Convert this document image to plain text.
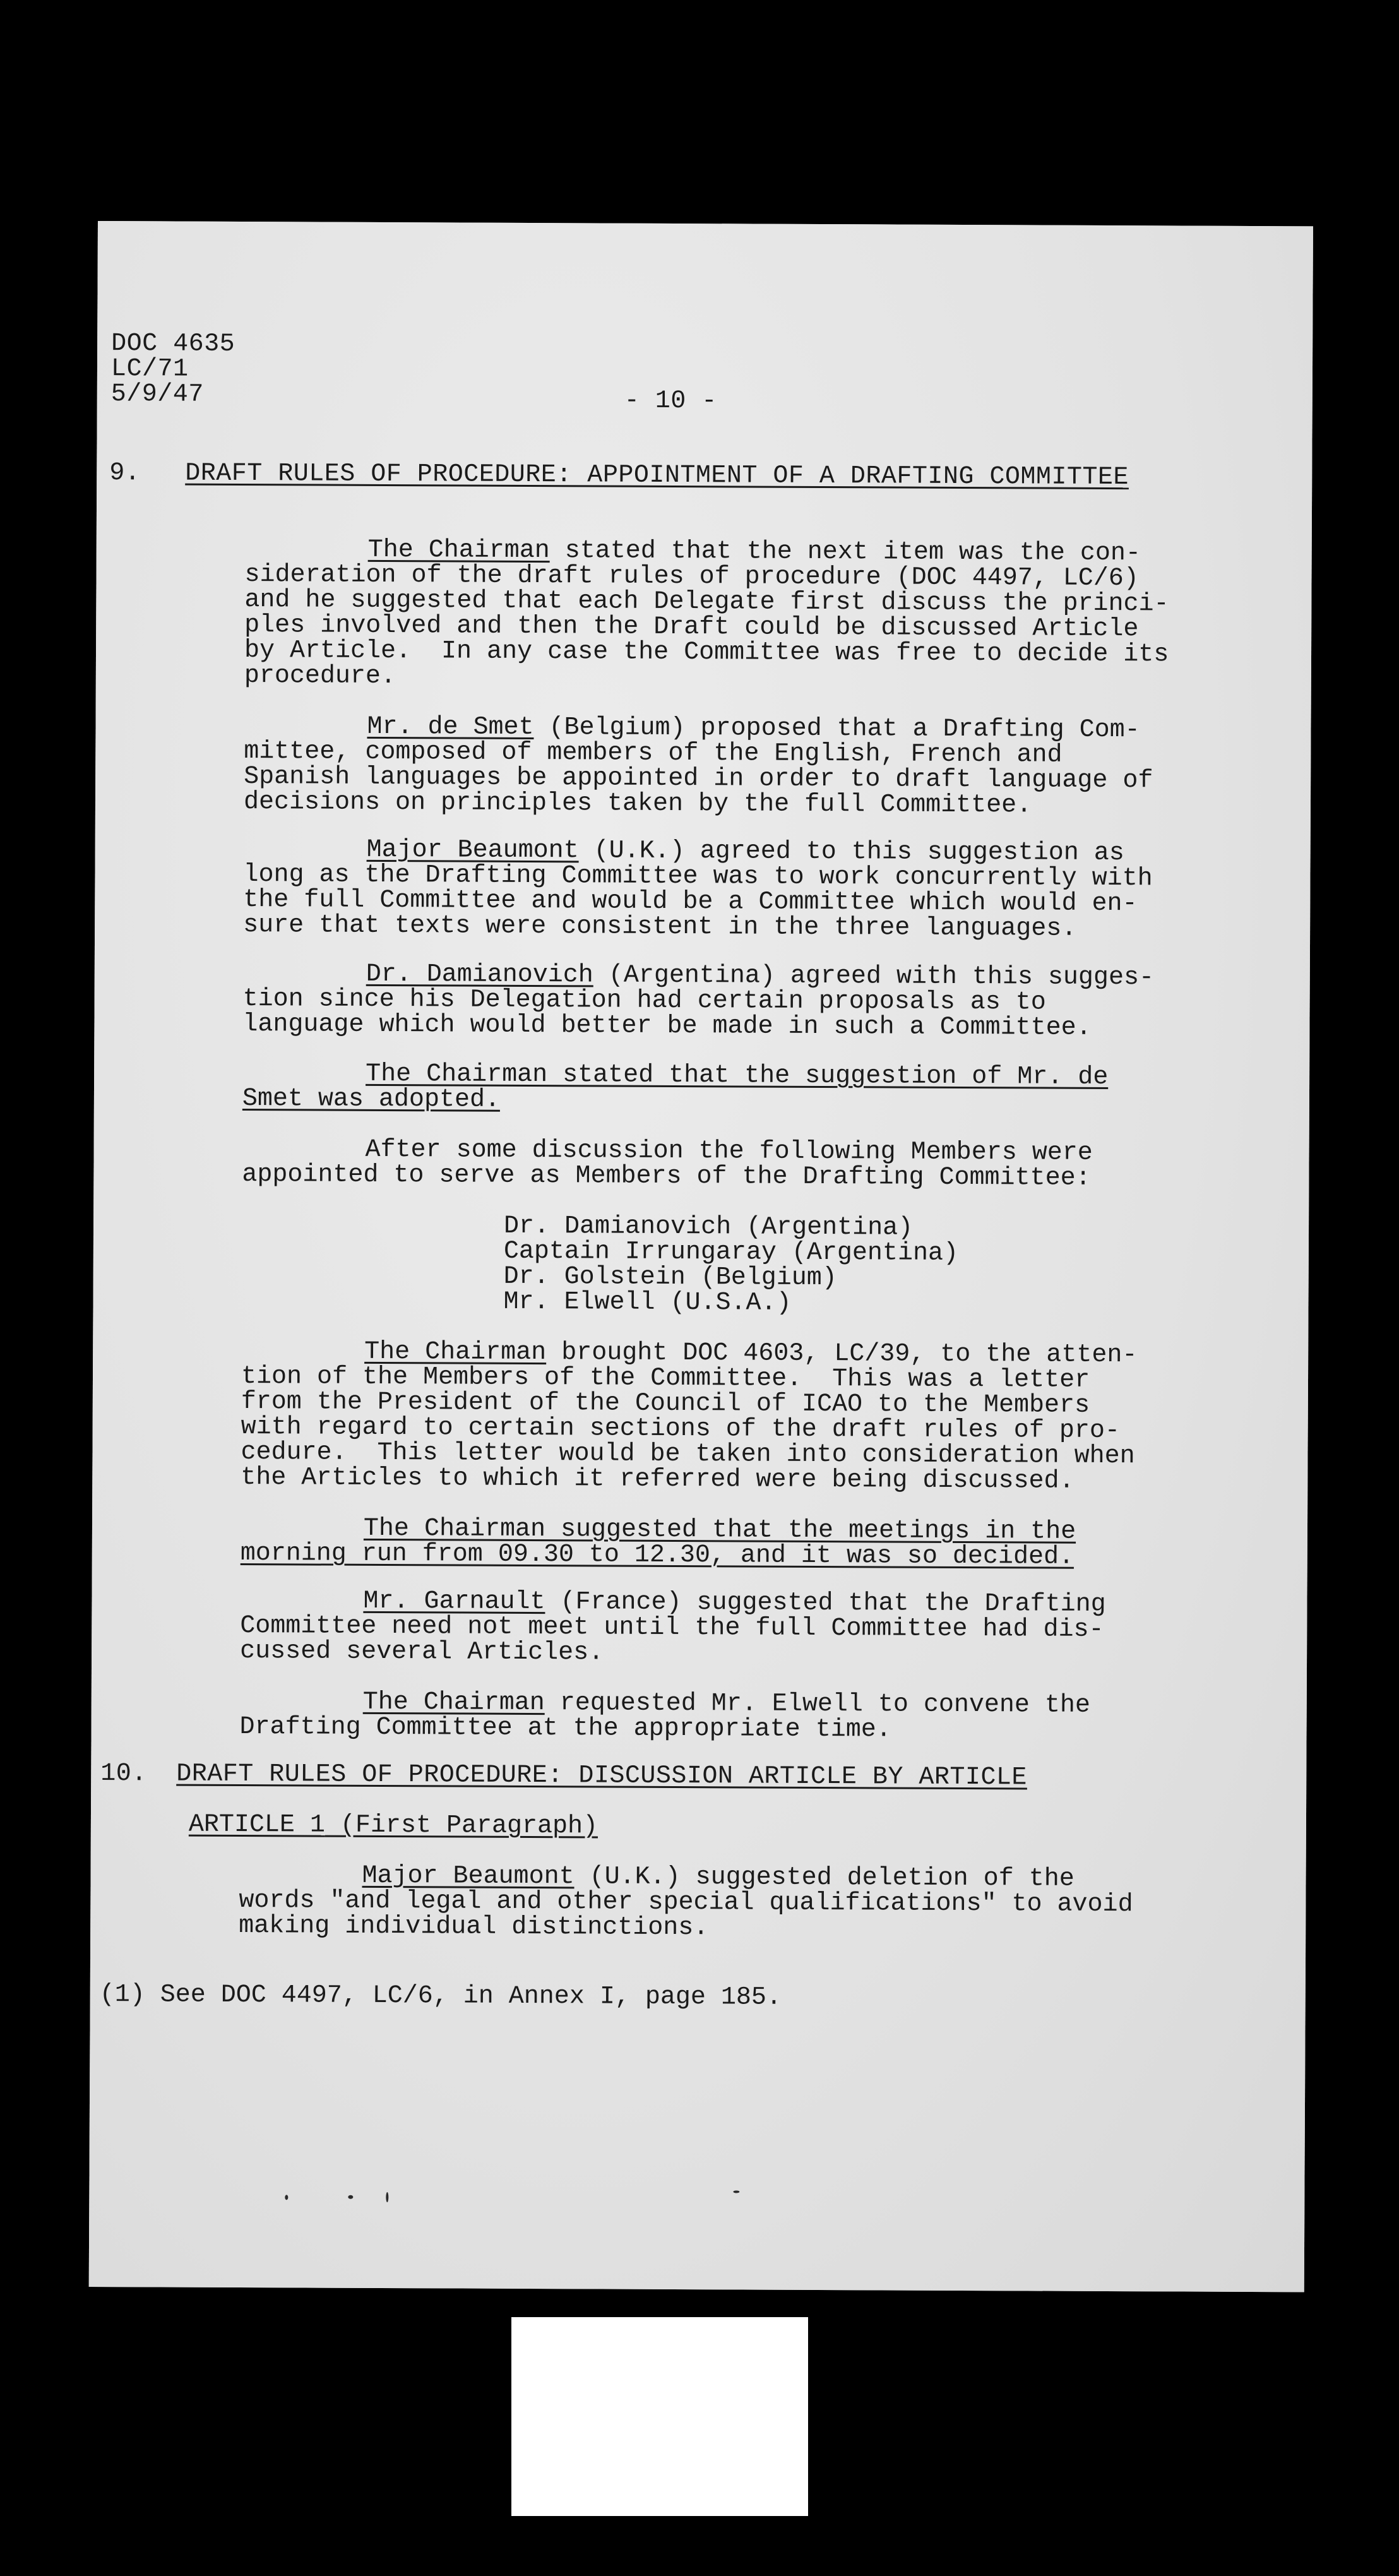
DOC 4635
LC/71
5/9/47	- 10 -
9. DRAFT RULES OF PROCEDURE: APPOINTMENT OF A DRAFTING COMMITTEE
The Chairman stated that the next item was the con-
sideration of the draft rules of procedure (DOC 4497, LC/6)
and he suggested that each Delegate first discuss the princi-
ples involved and then the Draft could be discussed Article
by Article.  In any case the Committee was free to decide its
procedure.
Mr. de Smet (Belgium) proposed that a Drafting Com-
mittee, composed of members of the English, French and
Spanish languages be appointed in order to draft language of
decisions on principles taken by the full Committee.
Major Beaumont (U.K.) agreed to this suggestion as
long as the Drafting Committee was to work concurrently with
the full Committee and would be a Committee which would en-
sure that texts were consistent in the three languages.
Dr. Damianovich (Argentina) agreed with this sugges-
tion since his Delegation had certain proposals as to
language which would better be made in such a Committee.
The Chairman stated that the suggestion of Mr. de
Smet was adopted.
After some discussion the following Members were
appointed to serve as Members of the Drafting Committee:
Dr. Damianovich (Argentina)
Captain Irrungaray (Argentina)
Dr. Golstein (Belgium)
Mr. Elwell (U.S.A.)
The Chairman brought DOC 4603, LC/39, to the atten-
tion of the Members of the Committee.  This was a letter
from the President of the Council of ICAO to the Members
with regard to certain sections of the draft rules of pro-
cedure.  This letter would be taken into consideration when
the Articles to which it referred were being discussed.
The Chairman suggested that the meetings in the
morning run from 09.30 to 12.30, and it was so decided.
Mr. Garnault (France) suggested that the Drafting
Committee need not meet until the full Committee had dis-
cussed several Articles.
The Chairman requested Mr. Elwell to convene the
Drafting Committee at the appropriate time.
10. DRAFT RULES OF PROCEDURE: DISCUSSION ARTICLE BY ARTICLE
ARTICLE 1 (First Paragraph)
Major Beaumont (U.K.) suggested deletion of the
words "and legal and other special qualifications" to avoid
making individual distinctions.
(1) See DOC 4497, LC/6, in Annex I, page 185.
